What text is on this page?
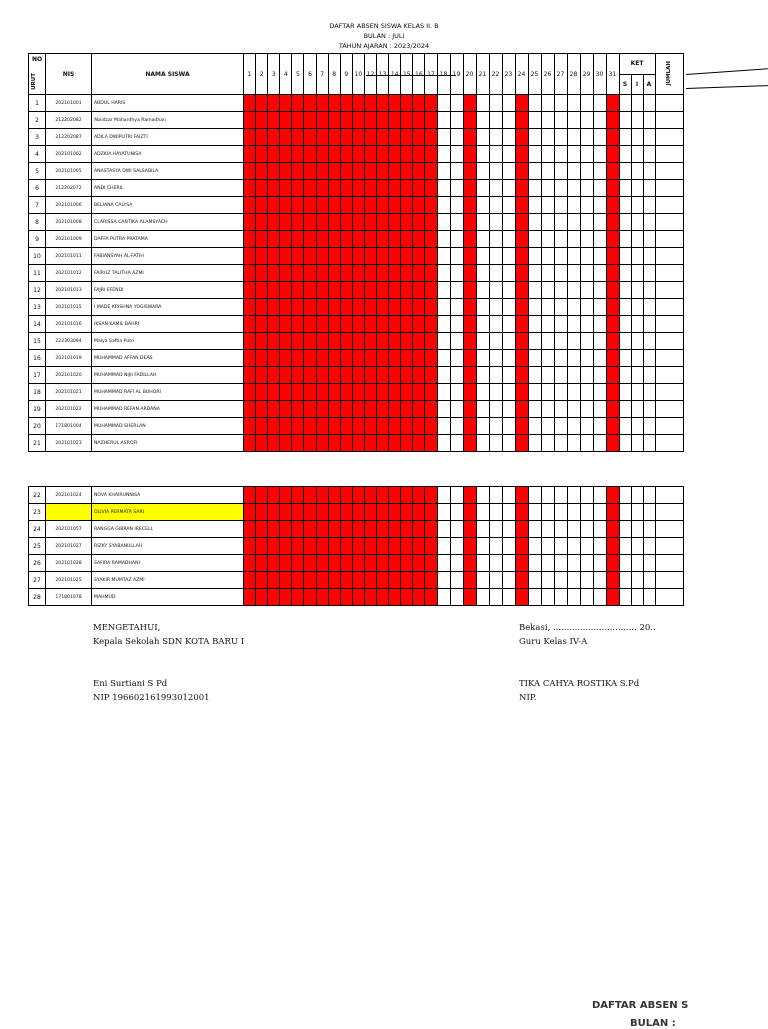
DAFTAR ABSEN SISWA KELAS II. B
BULAN : JULI
TAHUN AJARAN : 2023/2024
NO
URUT	NIS	NAMA SISWA	1	2	3	4	5	6	7	8	9	10	12	13	14	15	16	17	18	19	20	21	22	23	24	25	26	27	28	29	30	31	KET			JUMLAH
																																	S	I	A	
1	202101001	ABDUL HARIS																																		
2	212202082	Abiidzar Mahardhya Ramadhan																																		
3	212202087	ADILA DWIPUTRI FAIZTI																																		
4	202101002	ADZKIA HAYATUNISA																																		
5	202101005	ANASTASYA DWI SALSABILA																																		
6	212202072	ANDI CHERIL																																		
7	202101006	BELIANA CALYSA																																		
8	202101008	CLARISSA CANTIKA ALAMSYACH																																		
9	202101009	DAFFA PUTRA PRATAMA																																		
10	202101011	FABIANSYAH AL-FATIH																																		
11	202101012	FAIRUZ TALITHA AZMI																																		
12	202101013	FAJRI EFENDI																																		
13	202101015	I MADE KRISHNA YOGISWARA																																		
14	202101016	IKSAN KAMIL BAHRI																																		
15	222303094	Malya Saftia Putri																																		
16	202101019	MUHAMMAD AFFAN DEAS																																		
17	202101020	MUHAMMAD NIJII FADILLAH																																		
18	202101021	MUHAMMAD RAFI AL BUHORI																																		
19	202101022	MUHAMMAD REFAN ARDANA																																		
20	171801004	MUHAMMAD SHERLAN																																		
21	202101023	NAZHERUL ASROFI																																		
22	202101024	NOVA KHAIRUNNISA																																		
23		OLIVIA PERMATA SARI																																		
24	202101057	RANGGA GIBRAN IRECELL																																		
25	202101027	RIZKY SYABANULLAH																																		
26	202101028	SAFIRA RAMADHANI																																		
27	202101025	SYAKIR MUMTAZ AZMI																																		
28	171801078	MAHMUD																																		
MENGETAHUI,
Kepala Sekolah SDN KOTA BARU I
Eni Surtiani S Pd
NIP 196602161993012001
Bekasi, ............................... 20..
Guru Kelas IV-A
TIKA CAHYA ROSTIKA S.Pd
NIP.
DAFTAR ABSEN S
BULAN :
